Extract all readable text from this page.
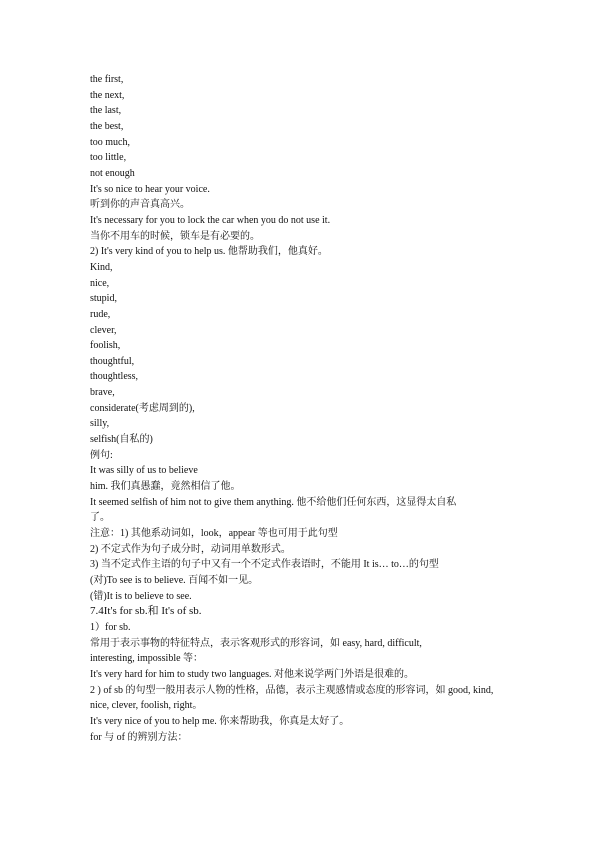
the first,
the next,
the last,
the best,
too much,
too little,
not enough
It's so nice to hear your voice.
听到你的声音真高兴。
It's necessary for you to lock the car when you do not use it.
当你不用车的时候，锁车是有必要的。
2) It's very kind of you to help us. 他帮助我们，他真好。
Kind,
nice,
stupid,
rude,
clever,
foolish,
thoughtful,
thoughtless,
brave,
considerate(考虑周到的),
silly,
selfish(自私的)
例句:
It was silly of us to believe
him. 我们真愚蠢，竟然相信了他。
It seemed selfish of him not to give them anything. 他不给他们任何东西，这显得太自私
了。
注意：1) 其他系动词如，look，appear 等也可用于此句型
2) 不定式作为句子成分时，动词用单数形式。
3) 当不定式作主语的句子中又有一个不定式作表语时，不能用 It is… to…的句型
(对)To see is to believe. 百闻不如一见。
(错)It is to believe to see.
7.4It's for sb.和 It's of sb.
1）for sb.
常用于表示事物的特征特点，表示客观形式的形容词，如 easy, hard, difficult,
interesting, impossible 等：
It's very hard for him to study two languages. 对他来说学两门外语是很难的。
2 ) of sb 的句型一般用表示人物的性格，品德，表示主观感情或态度的形容词，如 good, kind,
nice, clever, foolish, right。
It's very nice of you to help me. 你来帮助我，你真是太好了。
for 与 of 的辨别方法：
